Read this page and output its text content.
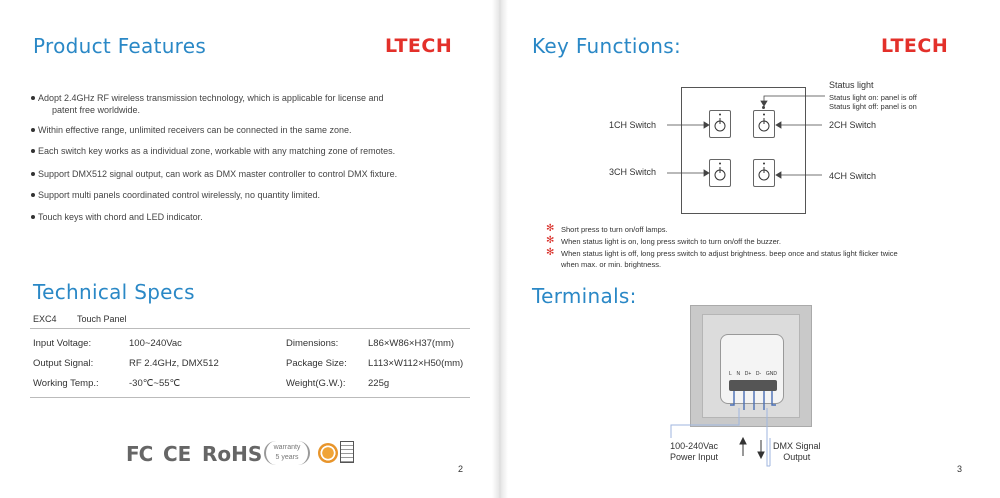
Product Features	LTECH
Adopt 2.4GHz RF wireless transmission technology, which is applicable for license and
patent free worldwide.
Within effective range, unlimited receivers can be connected in the same zone.
Each switch key works as a individual zone, workable with any matching zone of remotes.
Support DMX512 signal output, can work as DMX master controller to control DMX fixture.
Support multi panels coordinated control wirelessly, no quantity limited.
Touch keys with chord and LED indicator.
Technical Specs
EXC4 Touch Panel
Input Voltage:	100~240Vac	Dimensions:	L86×W86×H37(mm)
Output Signal:	RF 2.4GHz, DMX512	Package Size: L113×W112×H50(mm)
Working Temp.:	-30℃~55℃	Weight(G.W.): 225g
FC CE RoHS	warranty
5 years
2
Key Functions:	LTECH
Status light
Status light on: panel is off
Status light off: panel is on
1CH Switch	2CH Switch
3CH Switch	4CH Switch
✻ Short press to turn on/off lamps.
✻ When status light is on, long press switch to turn on/off the buzzer.
✻ When status light is off, long press switch to adjust brightness. beep once and status light flicker twice
when max. or min. brightness.
Terminals:
L N D+ D- GND
100-240Vac
Power Input
DMX Signal
Output
3
